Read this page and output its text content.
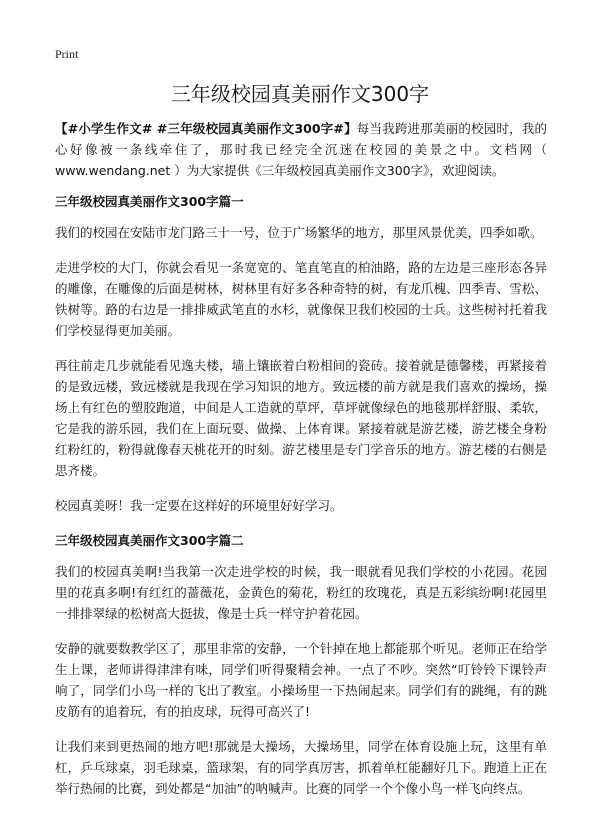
Print
三年级校园真美丽作文300字

【#小学生作文# #三年级校园真美丽作文300字#】每当我跨进那美丽的校园时，我的心好像被一条线牵住了，那时我已经完全沉迷在校园的美景之中。文档网（ www.wendang.net ）为大家提供《三年级校园真美丽作文300字》，欢迎阅读。

三年级校园真美丽作文300字篇一

我们的校园在安陆市龙门路三十一号，位于广场繁华的地方，那里风景优美，四季如歌。

走进学校的大门，你就会看见一条宽宽的、笔直笔直的柏油路，路的左边是三座形态各异的雕像，在雕像的后面是树林，树林里有好多各种奇特的树，有龙爪槐、四季青、雪松、铁树等。路的右边是一排排威武笔直的水杉，就像保卫我们校园的士兵。这些树衬托着我们学校显得更加美丽。

再往前走几步就能看见逸夫楼，墙上镶嵌着白粉相间的瓷砖。接着就是德馨楼，再紧接着的是致远楼，致远楼就是我现在学习知识的地方。致远楼的前方就是我们喜欢的操场，操场上有红色的塑胶跑道，中间是人工造就的草坪，草坪就像绿色的地毯那样舒服、柔软，它是我的游乐园，我们在上面玩耍、做操、上体育课。紧接着就是游艺楼，游艺楼全身粉红粉红的，粉得就像春天桃花开的时刻。游艺楼里是专门学音乐的地方。游艺楼的右侧是思齐楼。

校园真美呀！我一定要在这样好的环境里好好学习。

三年级校园真美丽作文300字篇二

我们的校园真美啊!当我第一次走进学校的时候，我一眼就看见我们学校的小花园。花园里的花真多啊!有红红的蔷薇花，金黄色的菊花，粉红的玫瑰花，真是五彩缤纷啊!花园里一排排翠绿的松树高大挺拔，像是士兵一样守护着花园。

安静的就要数教学区了，那里非常的安静，一个针掉在地上都能那个听见。老师正在给学生上课，老师讲得津津有味，同学们听得聚精会神。一点了不吵。突然“叮铃铃下课铃声响了，同学们小鸟一样的飞出了教室。小操场里一下热闹起来。同学们有的跳绳，有的跳皮筋有的追着玩，有的拍皮球，玩得可高兴了!

让我们来到更热闹的地方吧!那就是大操场，大操场里，同学在体育设施上玩，这里有单杠，乒乓球桌，羽毛球桌，篮球架，有的同学真厉害，抓着单杠能翻好几下。跑道上正在举行热闹的比赛，到处都是“加油”的呐喊声。比赛的同学一个个像小鸟一样飞向终点。
